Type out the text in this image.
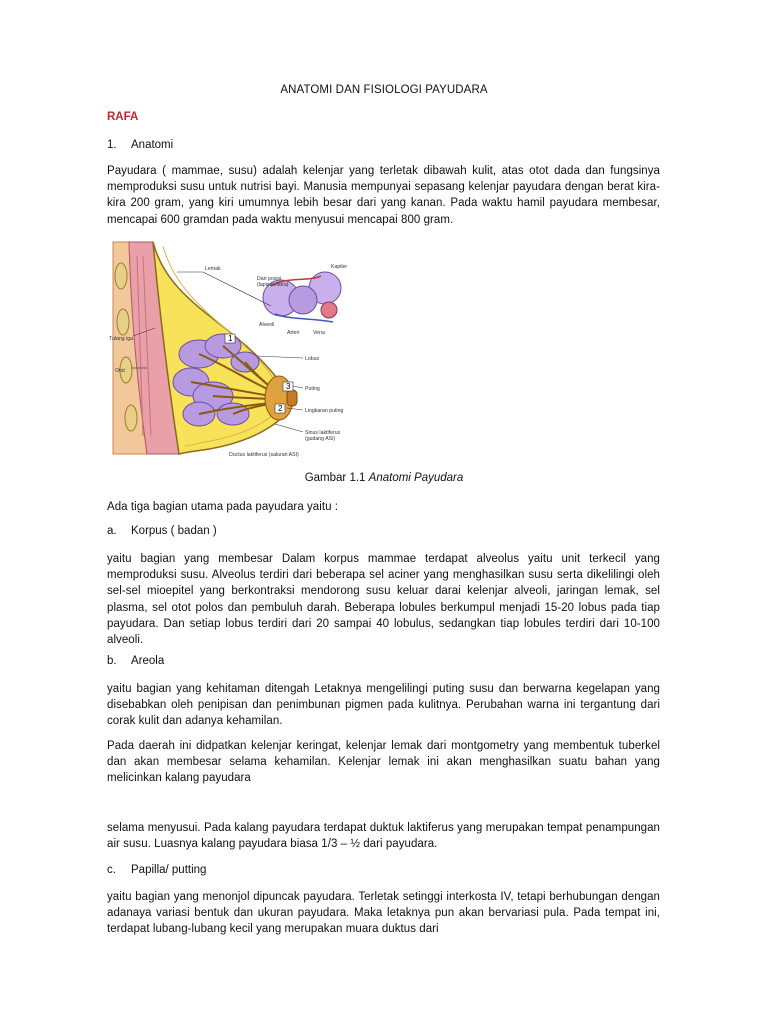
ANATOMI DAN FISIOLOGI PAYUDARA
RAFA
1. Anatomi
Payudara ( mammae, susu) adalah kelenjar yang terletak dibawah kulit, atas otot dada dan fungsinya memproduksi susu untuk nutrisi bayi. Manusia mempunyai sepasang kelenjar payudara dengan berat kira- kira 200 gram, yang kiri umumnya lebih besar dari yang kanan. Pada waktu hamil payudara membesar, mencapai 600 gramdan pada waktu menyusui mencapai 800 gram.
1
3
2
Lemak
Dari posisi
(lapisan/fibra)
Kapiler
Tulang iga
Otot
Alveoli
Arteri	Vena
Lobus
Puting
Lingkaran puting
Sinus laktiferus
(gudang ASI)
Ductus laktiferus (saluran ASI)
Gambar 1.1 Anatomi Payudara
Ada tiga bagian utama pada payudara yaitu :
a. Korpus ( badan )
yaitu bagian yang membesar Dalam korpus mammae terdapat alveolus yaitu unit terkecil yang memproduksi susu. Alveolus terdiri dari beberapa sel aciner yang menghasilkan susu serta dikelilingi oleh sel-sel mioepitel yang berkontraksi mendorong susu keluar darai kelenjar alveoli, jaringan lemak, sel plasma, sel otot polos dan pembuluh darah. Beberapa lobules berkumpul menjadi 15-20 lobus pada tiap payudara. Dan setiap lobus terdiri dari 20 sampai 40 lobulus, sedangkan tiap lobules terdiri dari 10-100 alveoli.
b. Areola
yaitu bagian yang kehitaman ditengah Letaknya mengelilingi puting susu dan berwarna kegelapan yang disebabkan oleh penipisan dan penimbunan pigmen pada kulitnya. Perubahan warna ini tergantung dari corak kulit dan adanya kehamilan.
Pada daerah ini didpatkan kelenjar keringat, kelenjar lemak dari montgometry yang membentuk tuberkel dan akan membesar selama kehamilan. Kelenjar lemak ini akan menghasilkan suatu bahan yang melicinkan kalang payudara
selama menyusui. Pada kalang payudara terdapat duktuk laktiferus yang merupakan tempat penampungan air susu. Luasnya kalang payudara biasa 1/3 – ½ dari payudara.
c. Papilla/ putting
yaitu bagian yang menonjol dipuncak payudara. Terletak setinggi interkosta IV, tetapi berhubungan dengan adanaya variasi bentuk dan ukuran payudara. Maka letaknya pun akan bervariasi pula. Pada tempat ini, terdapat lubang-lubang kecil yang merupakan muara duktus dari
